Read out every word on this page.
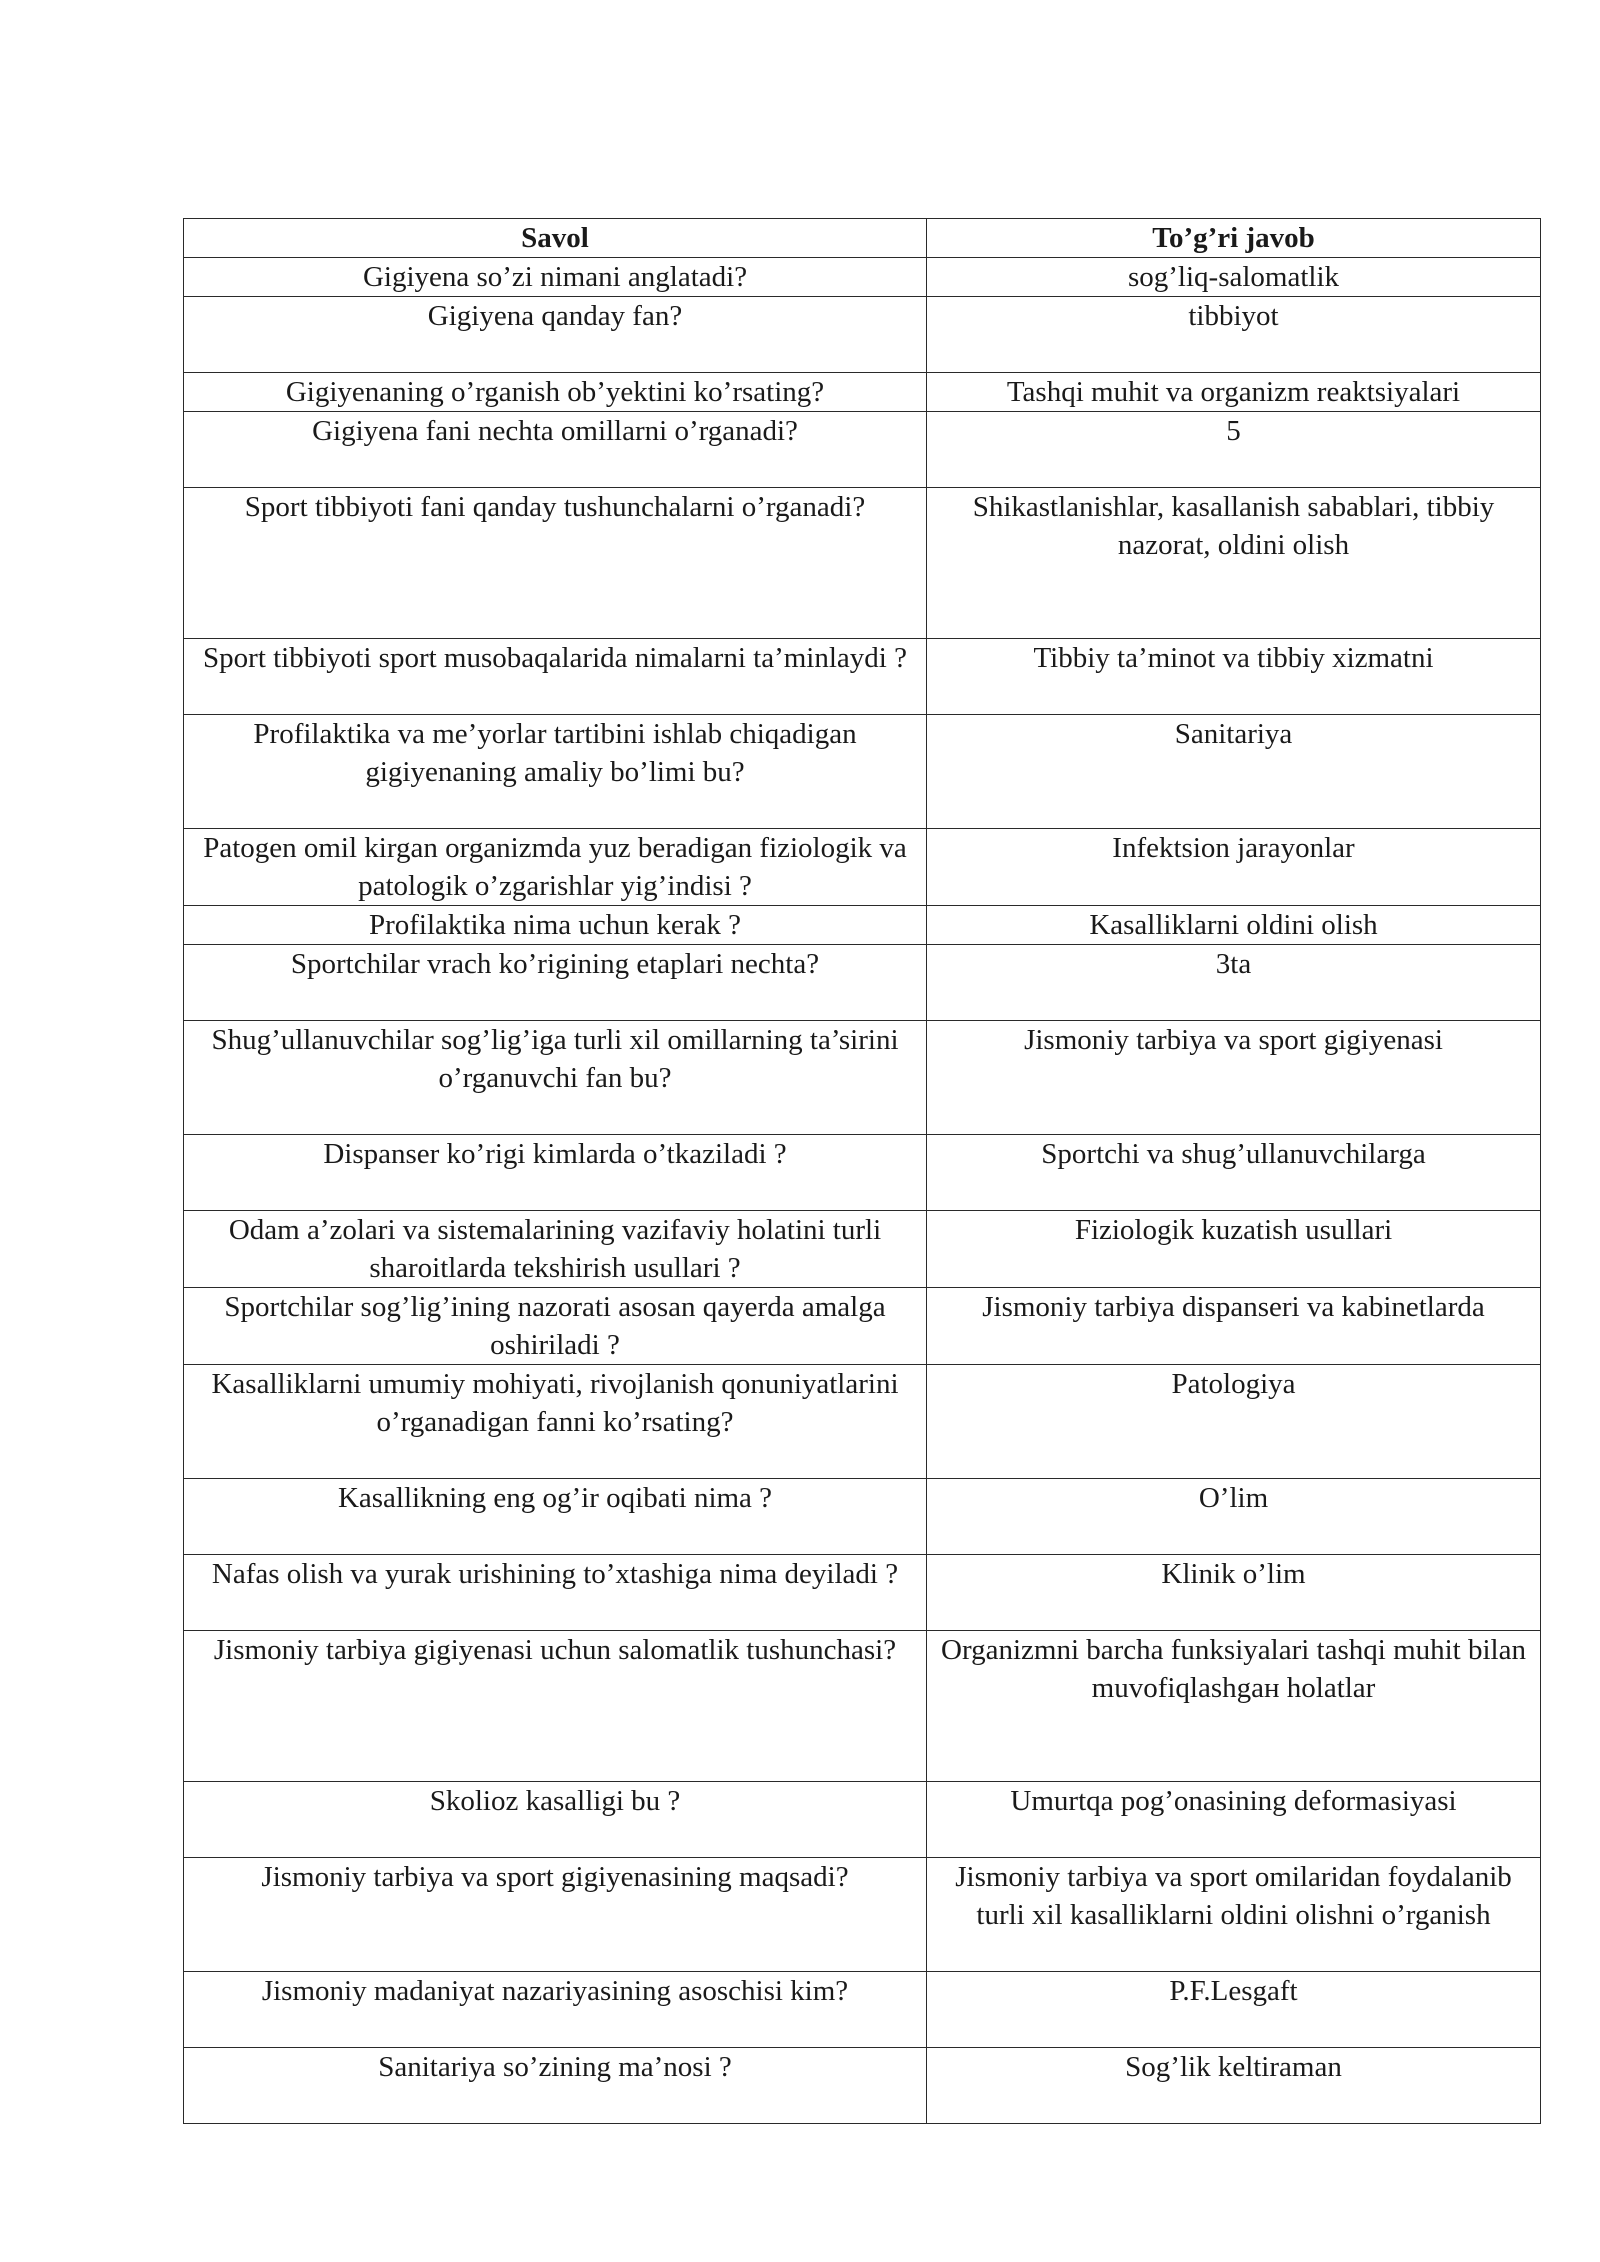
Savol	To’g’ri javob
Gigiyena so’zi nimani anglatadi?	sog’liq-salomatlik
Gigiyena qanday fan?	tibbiyot
Gigiyenaning o’rganish ob’yektini ko’rsating?	Tashqi muhit va organizm reaktsiyalari
Gigiyena fani nechta omillarni o’rganadi?	5
Sport tibbiyoti fani qanday tushunchalarni o’rganadi?	Shikastlanishlar, kasallanish sabablari, tibbiy nazorat, oldini olish
Sport tibbiyoti sport musobaqalarida nimalarni ta’minlaydi ?	Tibbiy ta’minot va tibbiy xizmatni
Profilaktika va me’yorlar tartibini ishlab chiqadigan gigiyenaning amaliy bo’limi bu?	Sanitariya
Patogen omil kirgan organizmda yuz beradigan fiziologik va patologik o’zgarishlar yig’indisi ?	Infektsion jarayonlar
Profilaktika nima uchun kerak ?	Kasalliklarni oldini olish
Sportchilar vrach ko’rigining etaplari nechta?	3ta
Shug’ullanuvchilar sog’lig’iga turli xil omillarning ta’sirini o’rganuvchi fan bu?	Jismoniy tarbiya va sport gigiyenasi
Dispanser ko’rigi kimlarda o’tkaziladi ?	Sportchi va shug’ullanuvchilarga
Odam a’zolari va sistemalarining vazifaviy holatini turli sharoitlarda tekshirish usullari ?	Fiziologik kuzatish usullari
Sportchilar sog’lig’ining nazorati asosan qayerda amalga oshiriladi ?	Jismoniy tarbiya dispanseri va kabinetlarda
Kasalliklarni umumiy mohiyati, rivojlanish qonuniyatlarini o’rganadigan fanni ko’rsating?	Patologiya
Kasallikning eng og’ir oqibati nima ?	O’lim
Nafas olish va yurak urishining to’xtashiga nima deyiladi ?	Klinik o’lim
Jismoniy tarbiya gigiyenasi uchun salomatlik tushunchasi?	Organizmni barcha funksiyalari tashqi muhit bilan muvofiqlashgaн holatlar
Skolioz kasalligi bu ?	Umurtqa pog’onasining deformasiyasi
Jismoniy tarbiya va sport gigiyenasining maqsadi?	Jismoniy tarbiya va sport omilaridan foydalanib turli xil kasalliklarni oldini olishni o’rganish
Jismoniy madaniyat nazariyasining asoschisi kim?	P.F.Lesgaft
Sanitariya so’zining ma’nosi ?	Sog’lik keltiraman
